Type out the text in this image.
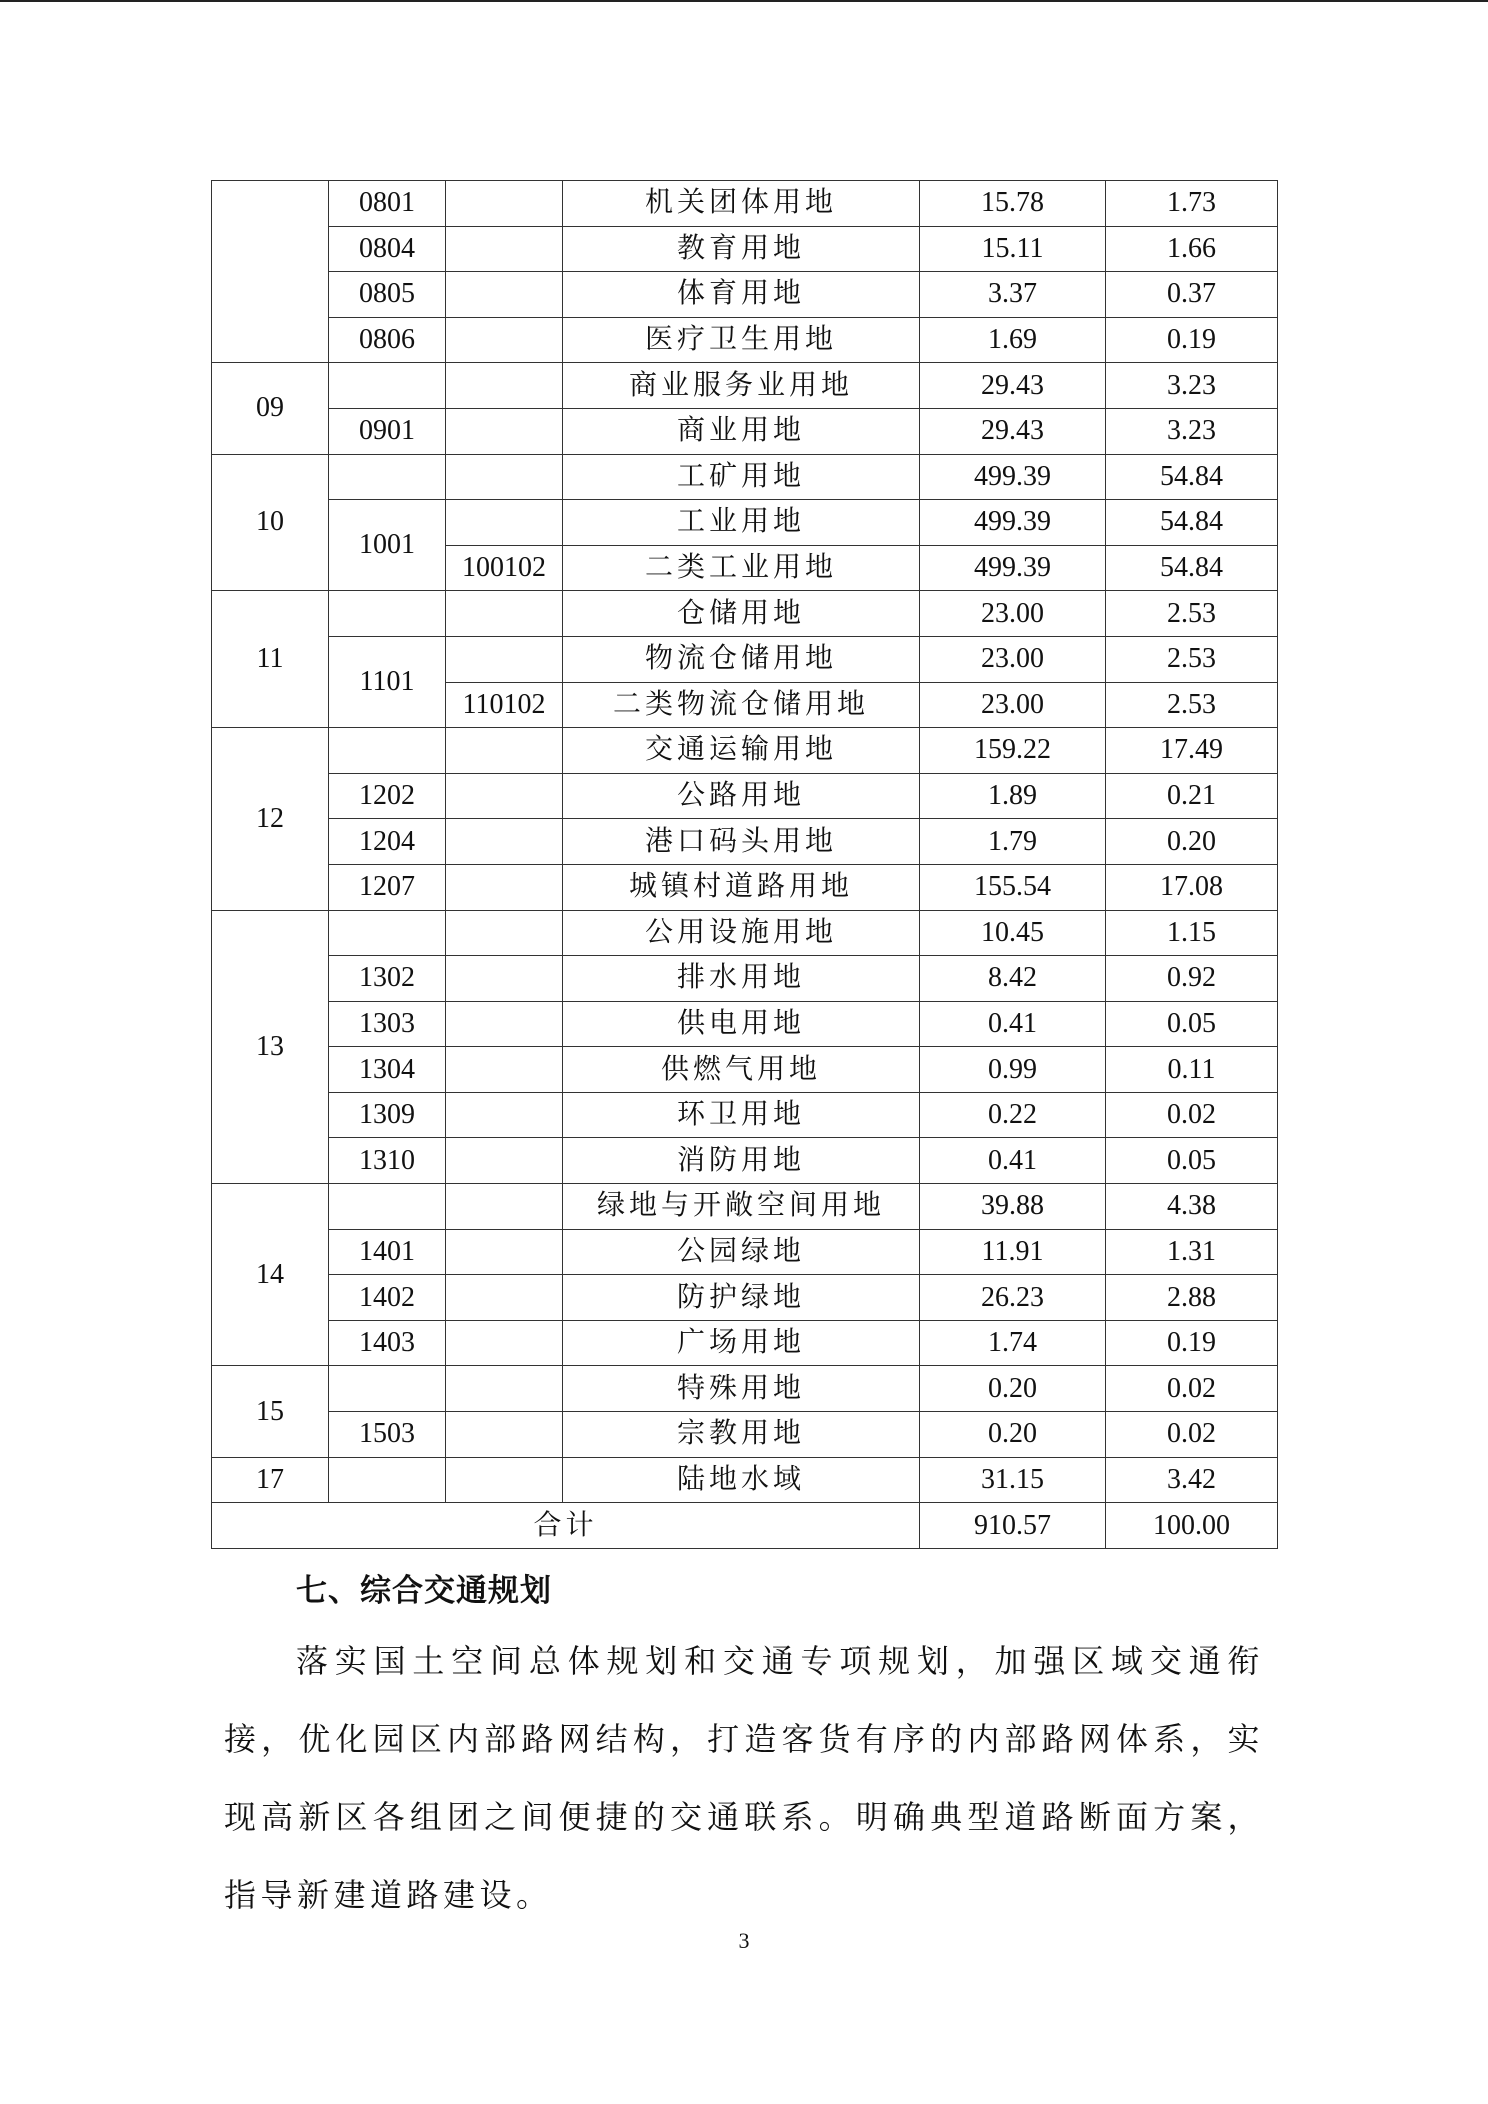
	0801		机关团体用地	15.78	1.73
	0804		教育用地	15.11	1.66
	0805		体育用地	3.37	0.37
	0806		医疗卫生用地	1.69	0.19
09			商业服务业用地	29.43	3.23
	0901		商业用地	29.43	3.23
10			工矿用地	499.39	54.84
	1001		工业用地	499.39	54.84
		100102	二类工业用地	499.39	54.84
11			仓储用地	23.00	2.53
	1101		物流仓储用地	23.00	2.53
		110102	二类物流仓储用地	23.00	2.53
12			交通运输用地	159.22	17.49
	1202		公路用地	1.89	0.21
	1204		港口码头用地	1.79	0.20
	1207		城镇村道路用地	155.54	17.08
13			公用设施用地	10.45	1.15
	1302		排水用地	8.42	0.92
	1303		供电用地	0.41	0.05
	1304		供燃气用地	0.99	0.11
	1309		环卫用地	0.22	0.02
	1310		消防用地	0.41	0.05
14			绿地与开敞空间用地	39.88	4.38
	1401		公园绿地	11.91	1.31
	1402		防护绿地	26.23	2.88
	1403		广场用地	1.74	0.19
15			特殊用地	0.20	0.02
	1503		宗教用地	0.20	0.02
17			陆地水域	31.15	3.42
合计				910.57	100.00
七、综合交通规划

落实国土空间总体规划和交通专项规划，加强区域交通衔接，优化园区内部路网结构，打造客货有序的内部路网体系，实现高新区各组团之间便捷的交通联系。明确典型道路断面方案，指导新建道路建设。

3
